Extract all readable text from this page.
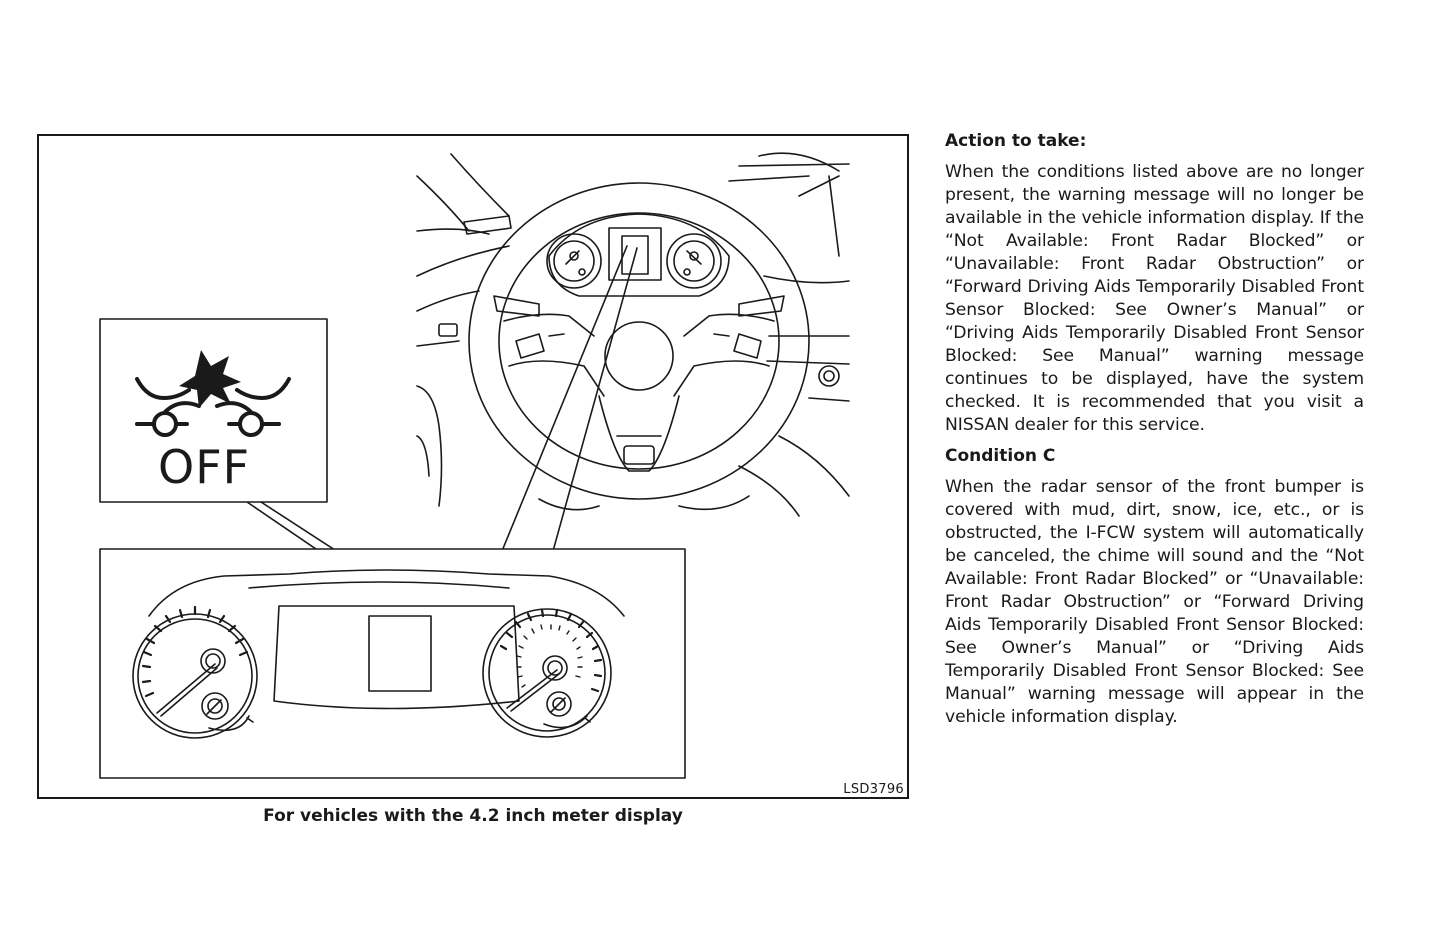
OFF
LSD3796
For vehicles with the 4.2 inch meter display
Action to take:
When the conditions listed above are no longer present, the warning message will no longer be available in the vehicle information display. If the “Not Available: Front Radar Blocked” or “Unavailable: Front Radar Obstruction” or “Forward Driving Aids Temporarily Disabled Front Sensor Blocked: See Owner’s Manual” or “Driving Aids Temporarily Disabled Front Sensor Blocked: See Manual” warning message continues to be displayed, have the system checked. It is recommended that you visit a NISSAN dealer for this service.
Condition C
When the radar sensor of the front bumper is covered with mud, dirt, snow, ice, etc., or is obstructed, the I-FCW system will automatically be canceled, the chime will sound and the “Not Available: Front Radar Blocked” or “Unavailable: Front Radar Obstruction” or “Forward Driving Aids Temporarily Disabled Front Sensor Blocked: See Owner’s Manual” or “Driving Aids Temporarily Disabled Front Sensor Blocked: See Manual” warning message will appear in the vehicle information display.
